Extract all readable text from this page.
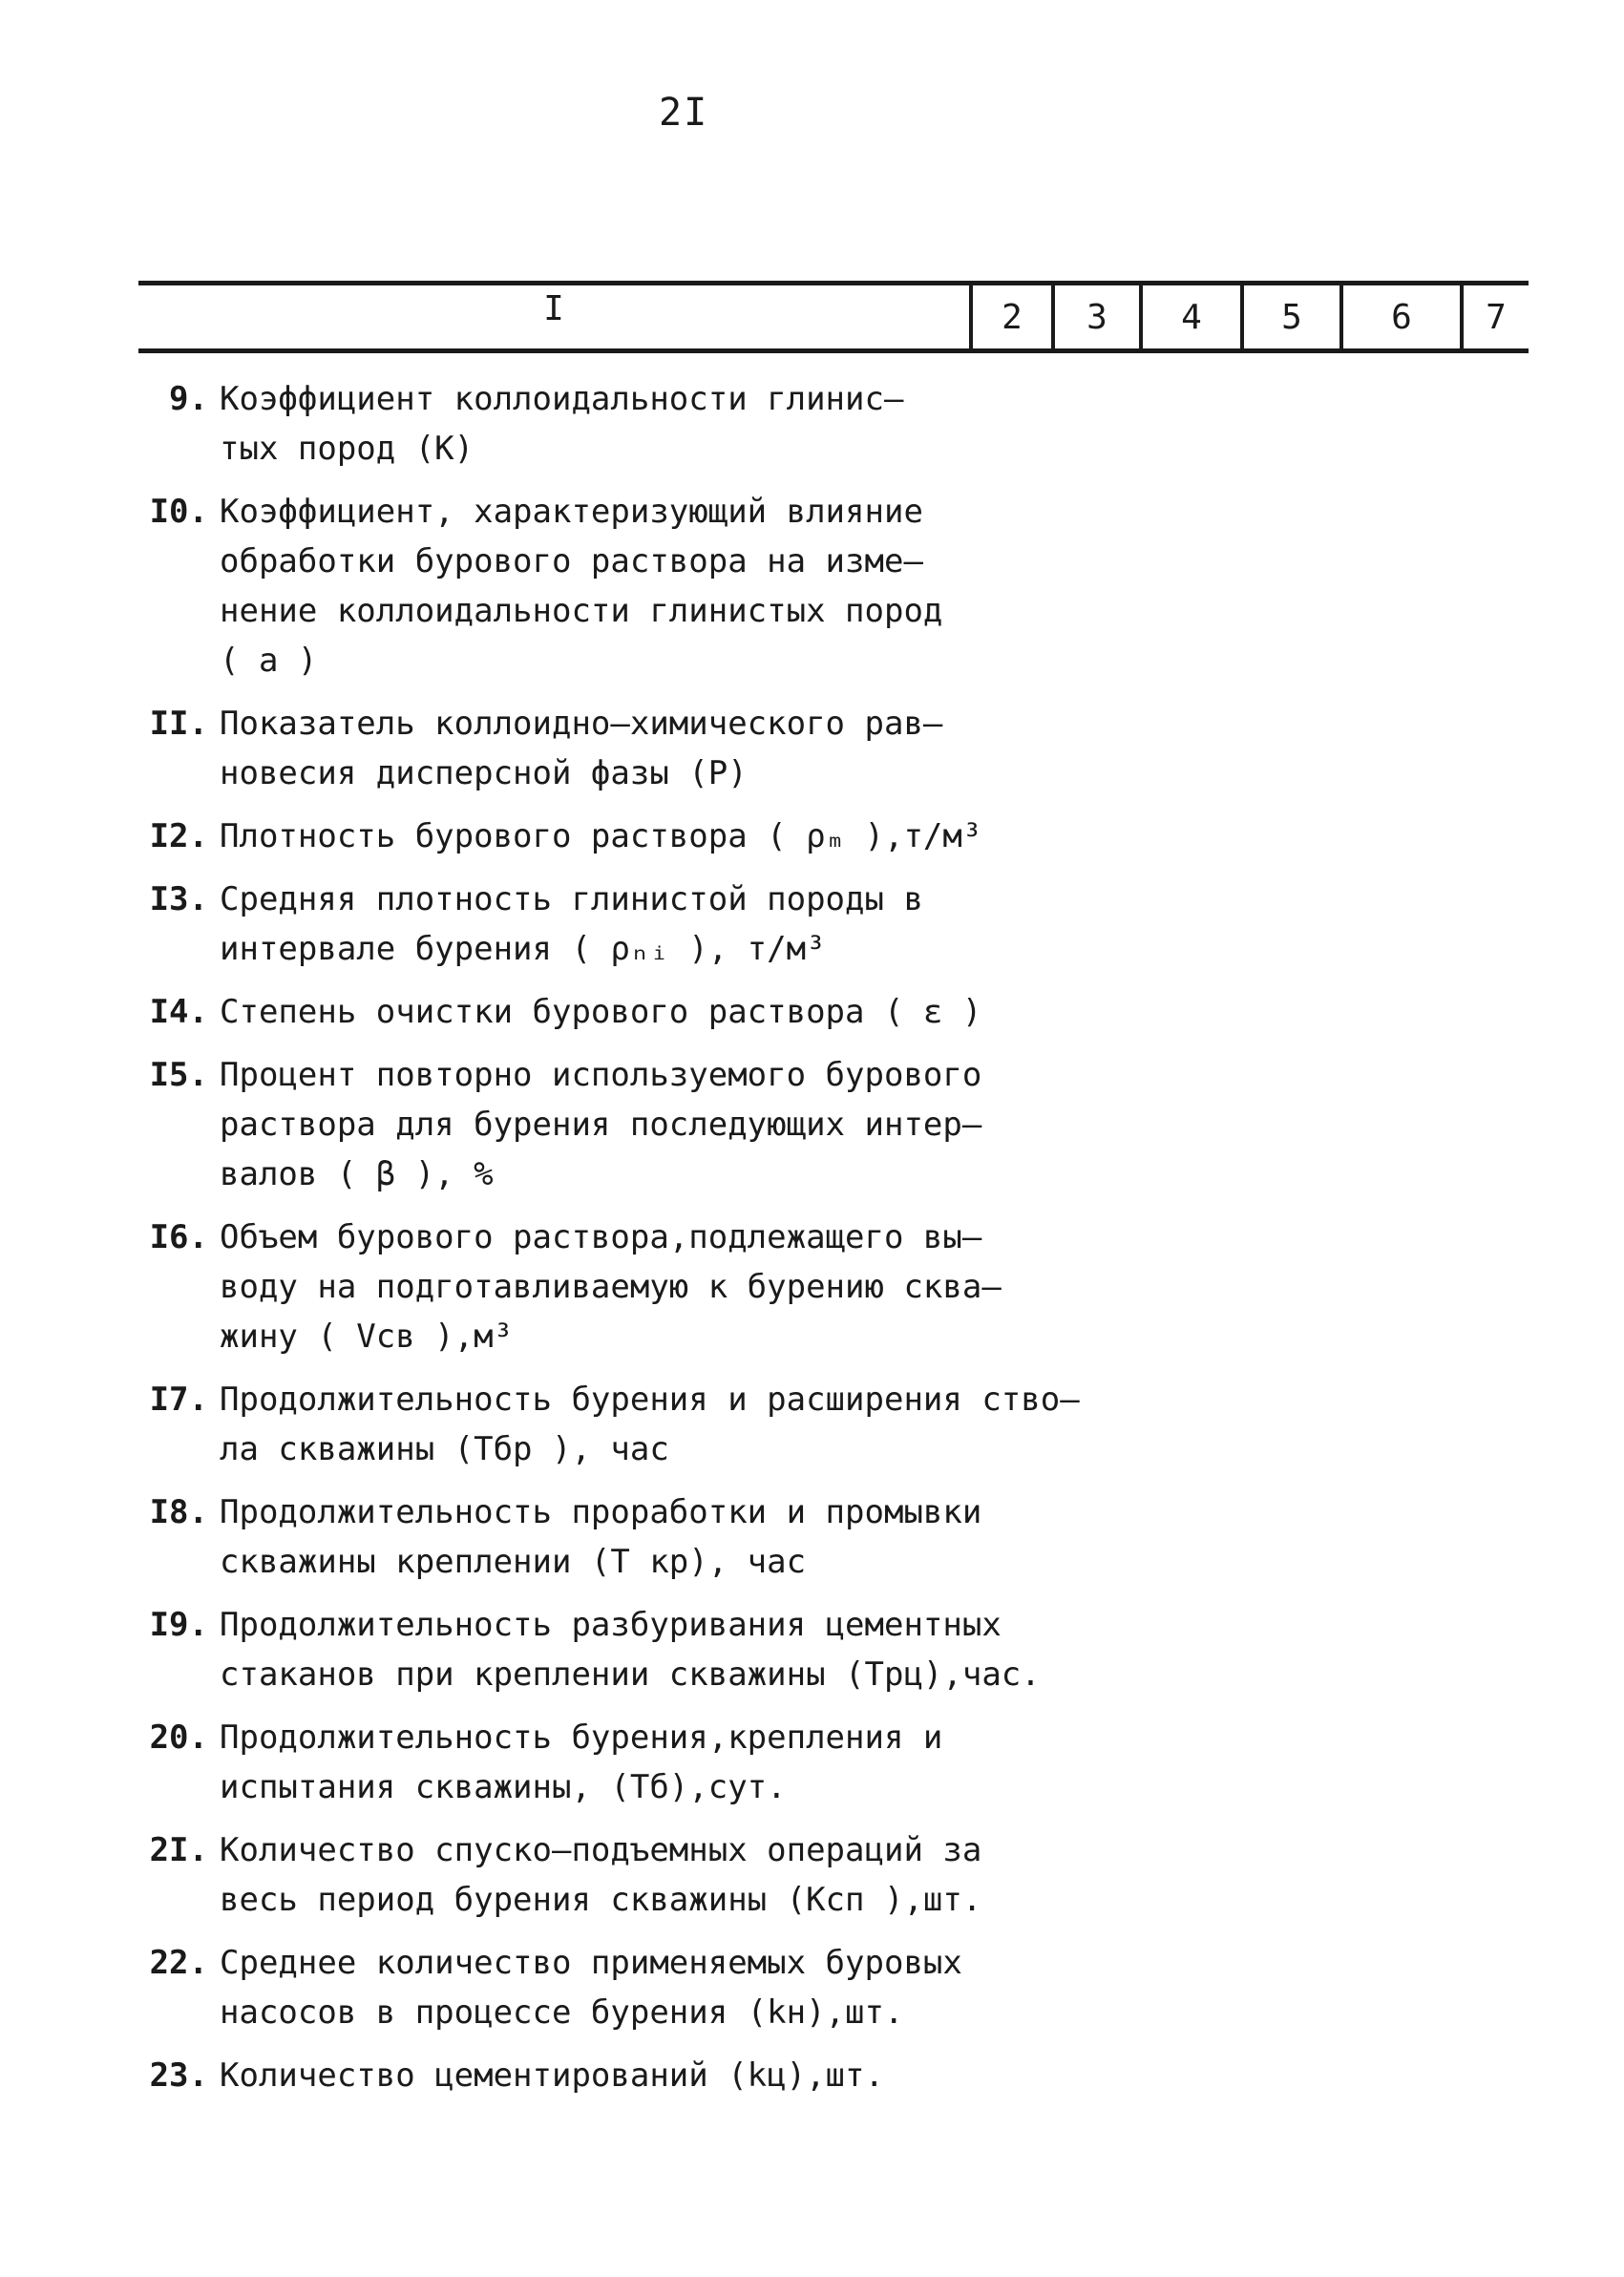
2I
I	2	3	4	5	6	7
9. Коэффициент коллоидальности глинис–
тых пород (К)
I0. Коэффициент, характеризующий влияние
обработки бурового раствора на изме–
нение коллоидальности глинистых пород
( a )
II. Показатель коллоидно–химического рав–
новесия дисперсной фазы (Р)
I2. Плотность бурового раствора ( ρₘ ),т/м³
I3. Средняя плотность глинистой породы в
интервале бурения ( ρₙᵢ ), т/м³
I4. Степень очистки бурового раствора ( ε )
I5. Процент повторно используемого бурового
раствора для бурения последующих интер–
валов ( β ), %
I6. Объем бурового раствора,подлежащего вы–
воду на подготавливаемую к бурению сква–
жину ( Vсв ),м³
I7. Продолжительность бурения и расширения ство–
ла скважины (Тбр ), час
I8. Продолжительность проработки и промывки
скважины креплении (Т кр), час
I9. Продолжительность разбуривания цементных
стаканов при креплении скважины (Трц),час.
20. Продолжительность бурения,крепления и
испытания скважины, (Тб),сут.
2I. Количество спуско–подъемных операций за
весь период бурения скважины (Ксп ),шт.
22. Среднее количество применяемых буровых
насосов в процессе бурения (kн),шт.
23. Количество цементирований (kц),шт.
